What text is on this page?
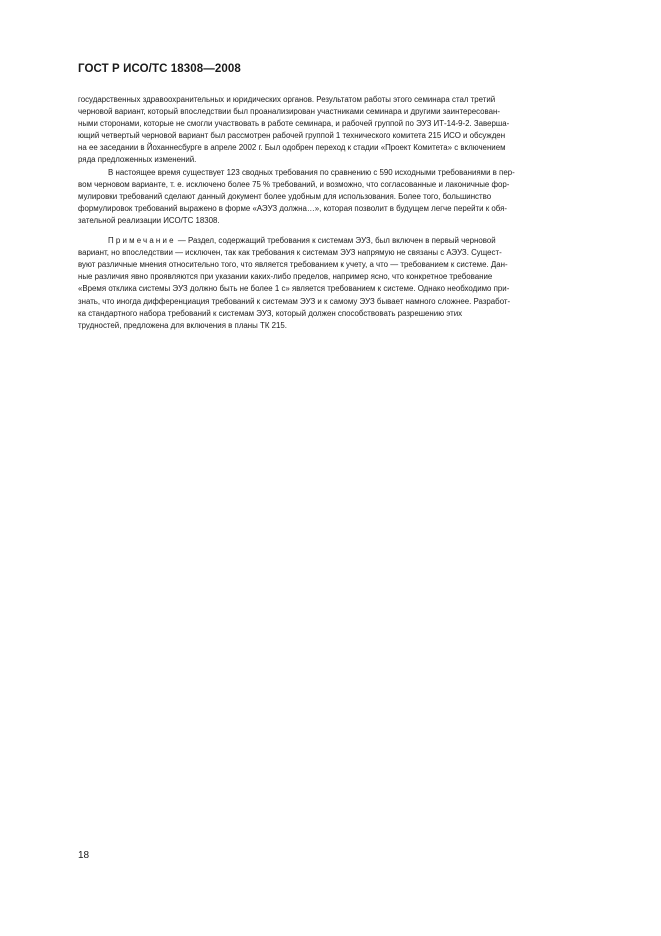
ГОСТ Р ИСО/ТС 18308—2008

государственных здравоохранительных и юридических органов. Результатом работы этого семинара стал третий
черновой вариант, который впоследствии был проанализирован участниками семинара и другими заинтересован-
ными сторонами, которые не смогли участвовать в работе семинара, и рабочей группой по ЭУЗ ИТ-14-9-2. Заверша-
ющий четвертый черновой вариант был рассмотрен рабочей группой 1 технического комитета 215 ИСО и обсужден
на ее заседании в Йоханнесбурге в апреле 2002 г. Был одобрен переход к стадии «Проект Комитета» с включением
ряда предложенных изменений.

В настоящее время существует 123 сводных требования по сравнению с 590 исходными требованиями в пер-
вом черновом варианте, т. е. исключено более 75 % требований, и возможно, что согласованные и лаконичные фор-
мулировки требований сделают данный документ более удобным для использования. Более того, большинство
формулировок требований выражено в форме «АЭУЗ должна…», которая позволит в будущем легче перейти к обя-
зательной реализации ИСО/ТС 18308.

Примечание — Раздел, содержащий требования к системам ЭУЗ, был включен в первый черновой
вариант, но впоследствии — исключен, так как требования к системам ЭУЗ напрямую не связаны с АЭУЗ. Сущест-
вуют различные мнения относительно того, что является требованием к учету, а что — требованием к системе. Дан-
ные различия явно проявляются при указании каких-либо пределов, например ясно, что конкретное требование
«Время отклика системы ЭУЗ должно быть не более 1 с» является требованием к системе. Однако необходимо при-
знать, что иногда дифференциация требований к системам ЭУЗ и к самому ЭУЗ бывает намного сложнее. Разработ-
ка стандартного набора требований к системам ЭУЗ, который должен способствовать разрешению этих
трудностей, предложена для включения в планы ТК 215.

18
